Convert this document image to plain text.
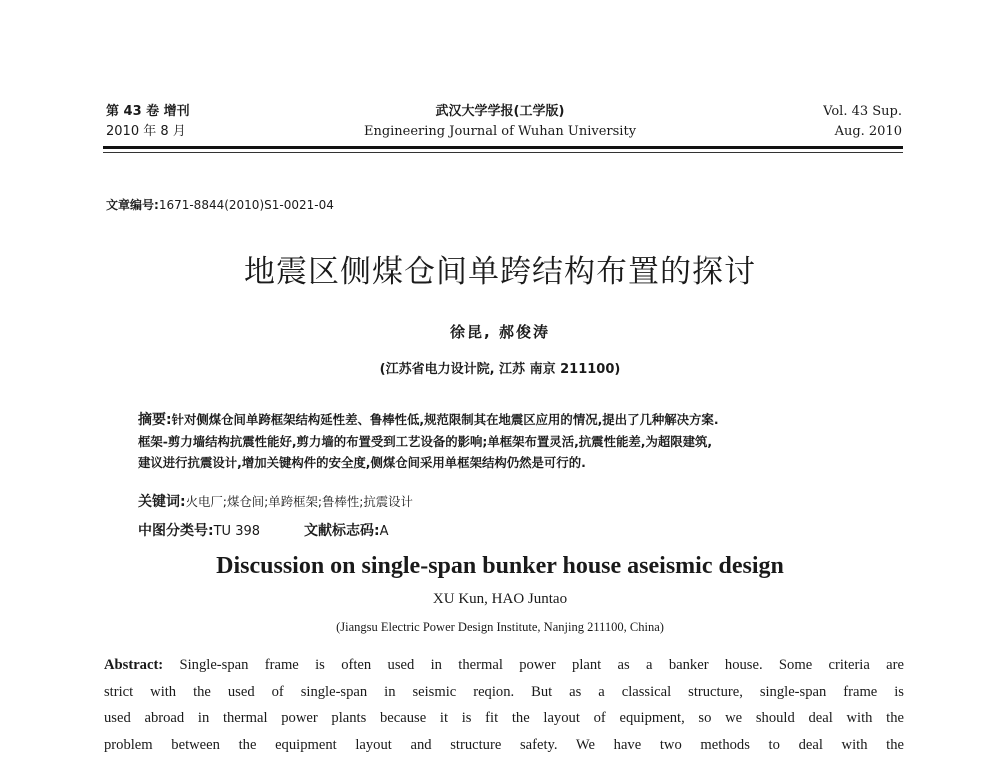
第 43 卷 增刊
2010 年 8 月
武汉大学学报(工学版)
Engineering Journal of Wuhan University
Vol. 43 Sup.
Aug. 2010
文章编号:1671-8844(2010)S1-0021-04
地震区侧煤仓间单跨结构布置的探讨
徐昆, 郝俊涛
(江苏省电力设计院, 江苏 南京 211100)
摘要:针对侧煤仓间单跨框架结构延性差、鲁棒性低,规范限制其在地震区应用的情况,提出了几种解决方案.
框架-剪力墙结构抗震性能好,剪力墙的布置受到工艺设备的影响;单框架布置灵活,抗震性能差,为超限建筑,
建议进行抗震设计,增加关键构件的安全度,侧煤仓间采用单框架结构仍然是可行的.
关键词:火电厂;煤仓间;单跨框架;鲁棒性;抗震设计
中图分类号:TU 398	文献标志码:A
Discussion on single-span bunker house aseismic design
XU Kun, HAO Juntao
(Jiangsu Electric Power Design Institute, Nanjing 211100, China)
Abstract: Single-span frame is often used in thermal power plant as a banker house. Some criteria are
strict with the used of single-span in seismic reqion. But as a classical structure, single-span frame is
used abroad in thermal power plants because it is fit the layout of equipment, so we should deal with the
problem between the equipment layout and structure safety. We have two methods to deal with the
